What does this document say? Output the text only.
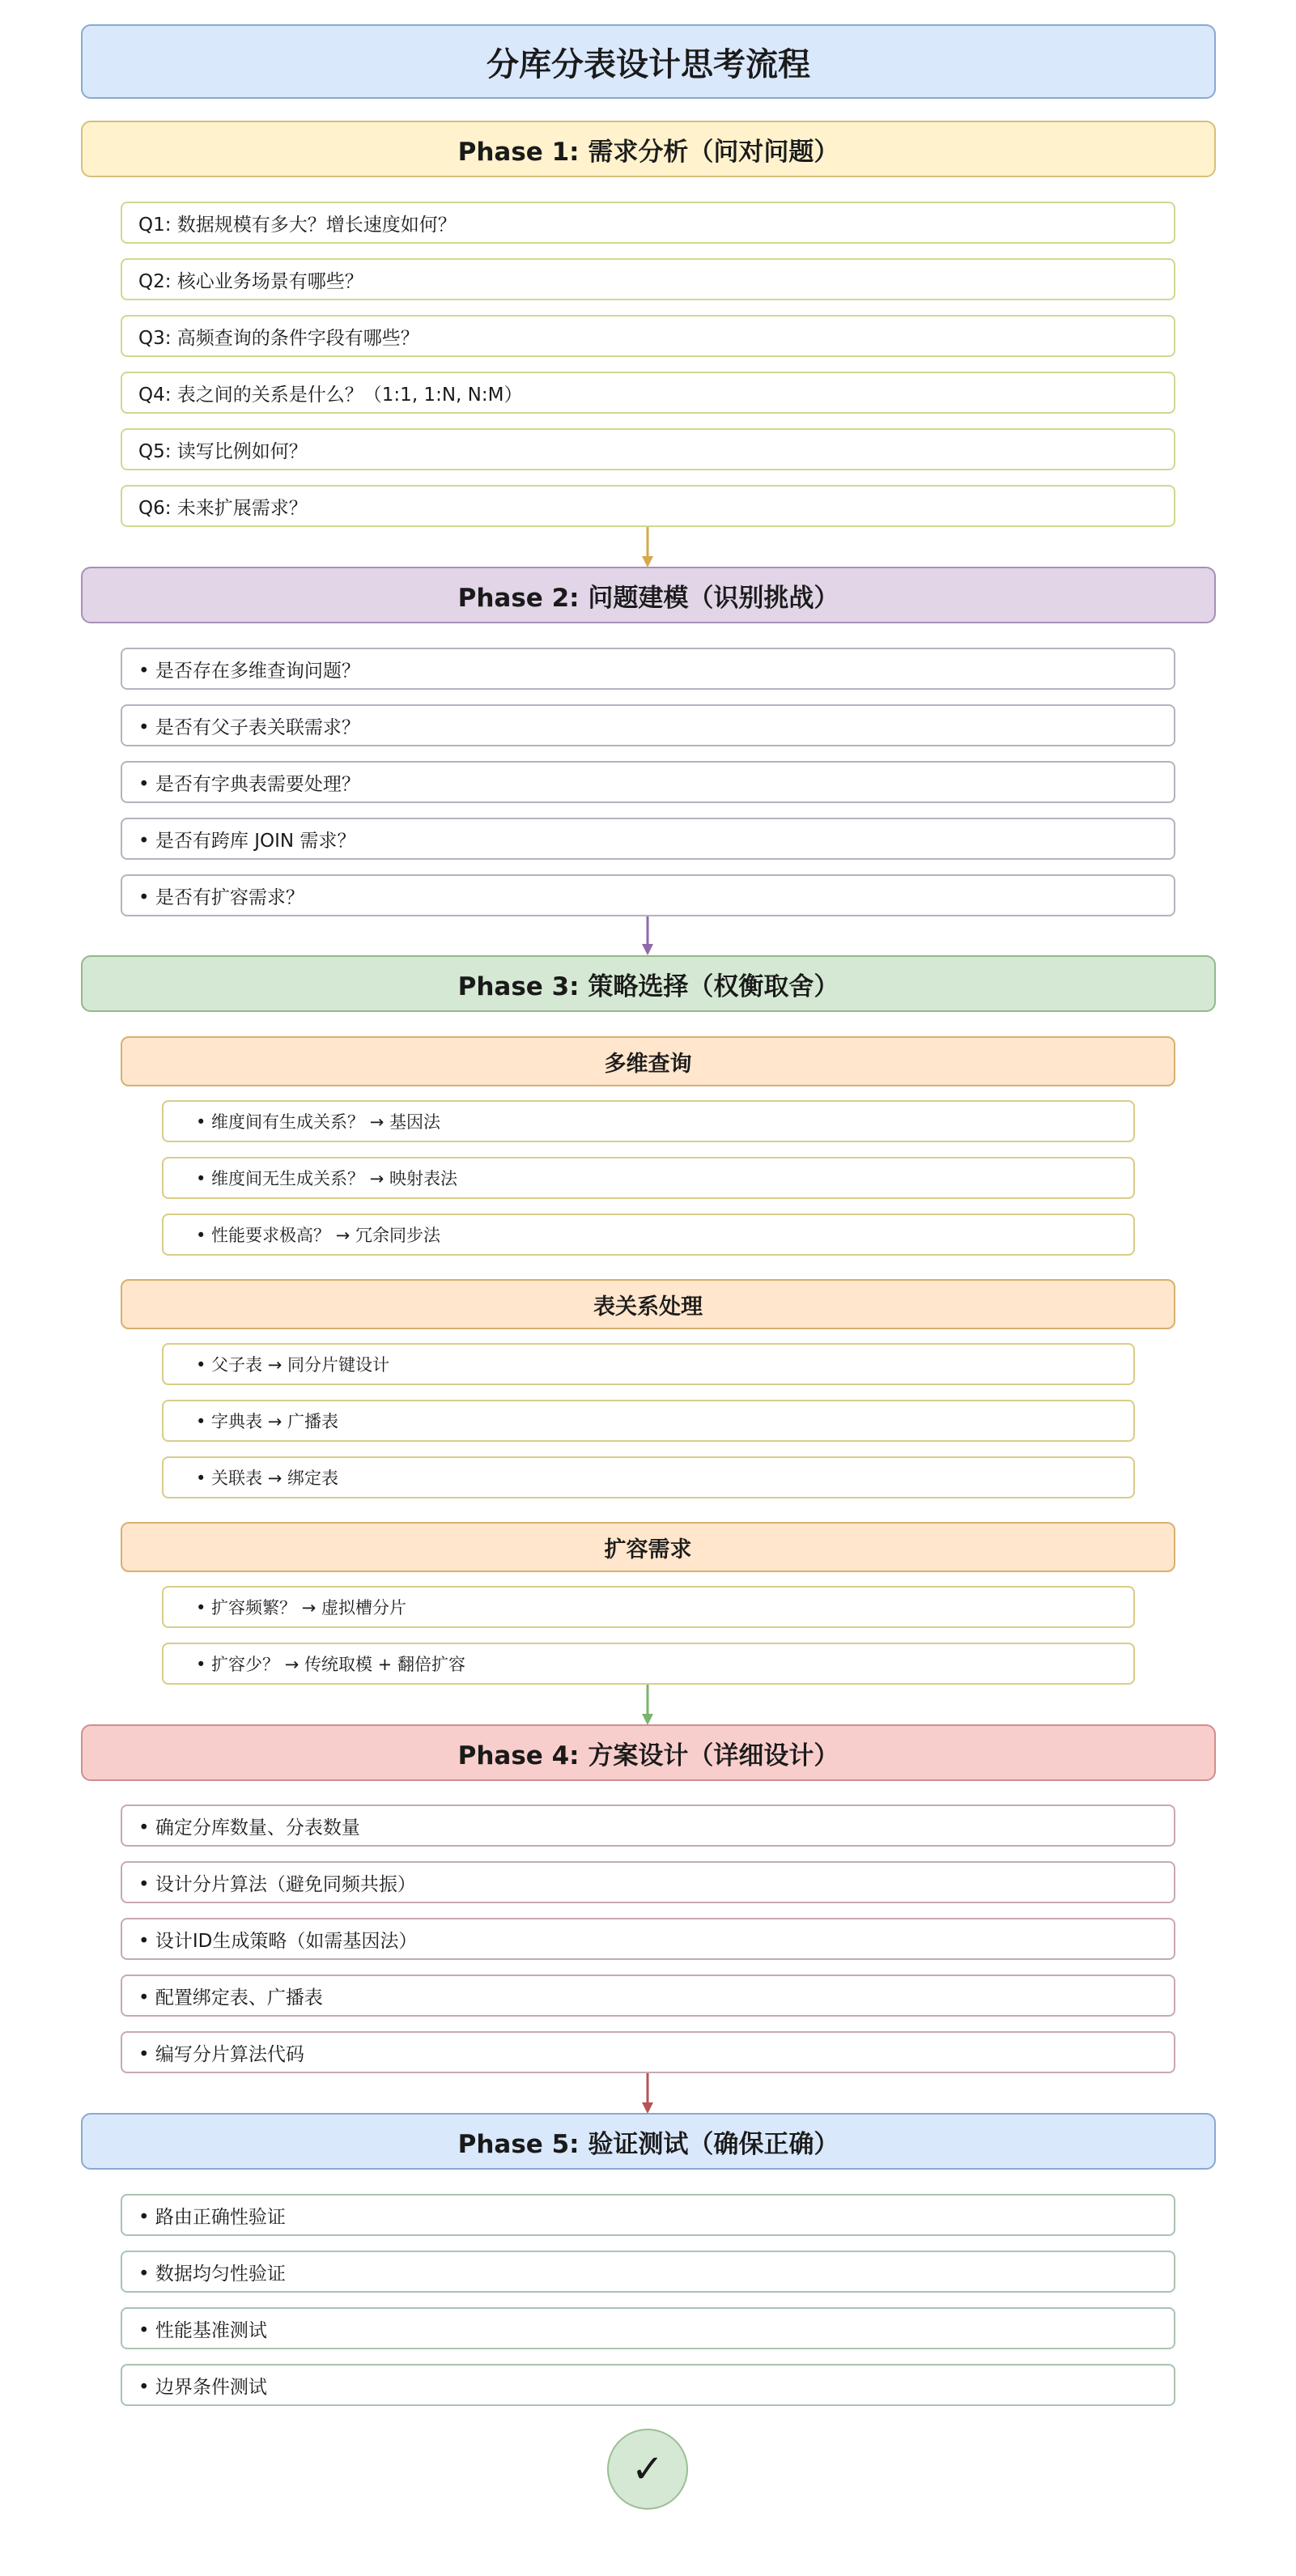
分库分表设计思考流程
Phase 1: 需求分析（问对问题）
Q1: 数据规模有多大？增长速度如何？
Q2: 核心业务场景有哪些？
Q3: 高频查询的条件字段有哪些？
Q4: 表之间的关系是什么？（1:1, 1:N, N:M）
Q5: 读写比例如何？
Q6: 未来扩展需求？
Phase 2: 问题建模（识别挑战）
• 是否存在多维查询问题？
• 是否有父子表关联需求？
• 是否有字典表需要处理？
• 是否有跨库 JOIN 需求？
• 是否有扩容需求？
Phase 3: 策略选择（权衡取舍）
多维查询
• 维度间有生成关系？ → 基因法
• 维度间无生成关系？ → 映射表法
• 性能要求极高？ → 冗余同步法
表关系处理
• 父子表 → 同分片键设计
• 字典表 → 广播表
• 关联表 → 绑定表
扩容需求
• 扩容频繁？ → 虚拟槽分片
• 扩容少？ → 传统取模 + 翻倍扩容
Phase 4: 方案设计（详细设计）
• 确定分库数量、分表数量
• 设计分片算法（避免同频共振）
• 设计ID生成策略（如需基因法）
• 配置绑定表、广播表
• 编写分片算法代码
Phase 5: 验证测试（确保正确）
• 路由正确性验证
• 数据均匀性验证
• 性能基准测试
• 边界条件测试
✓
